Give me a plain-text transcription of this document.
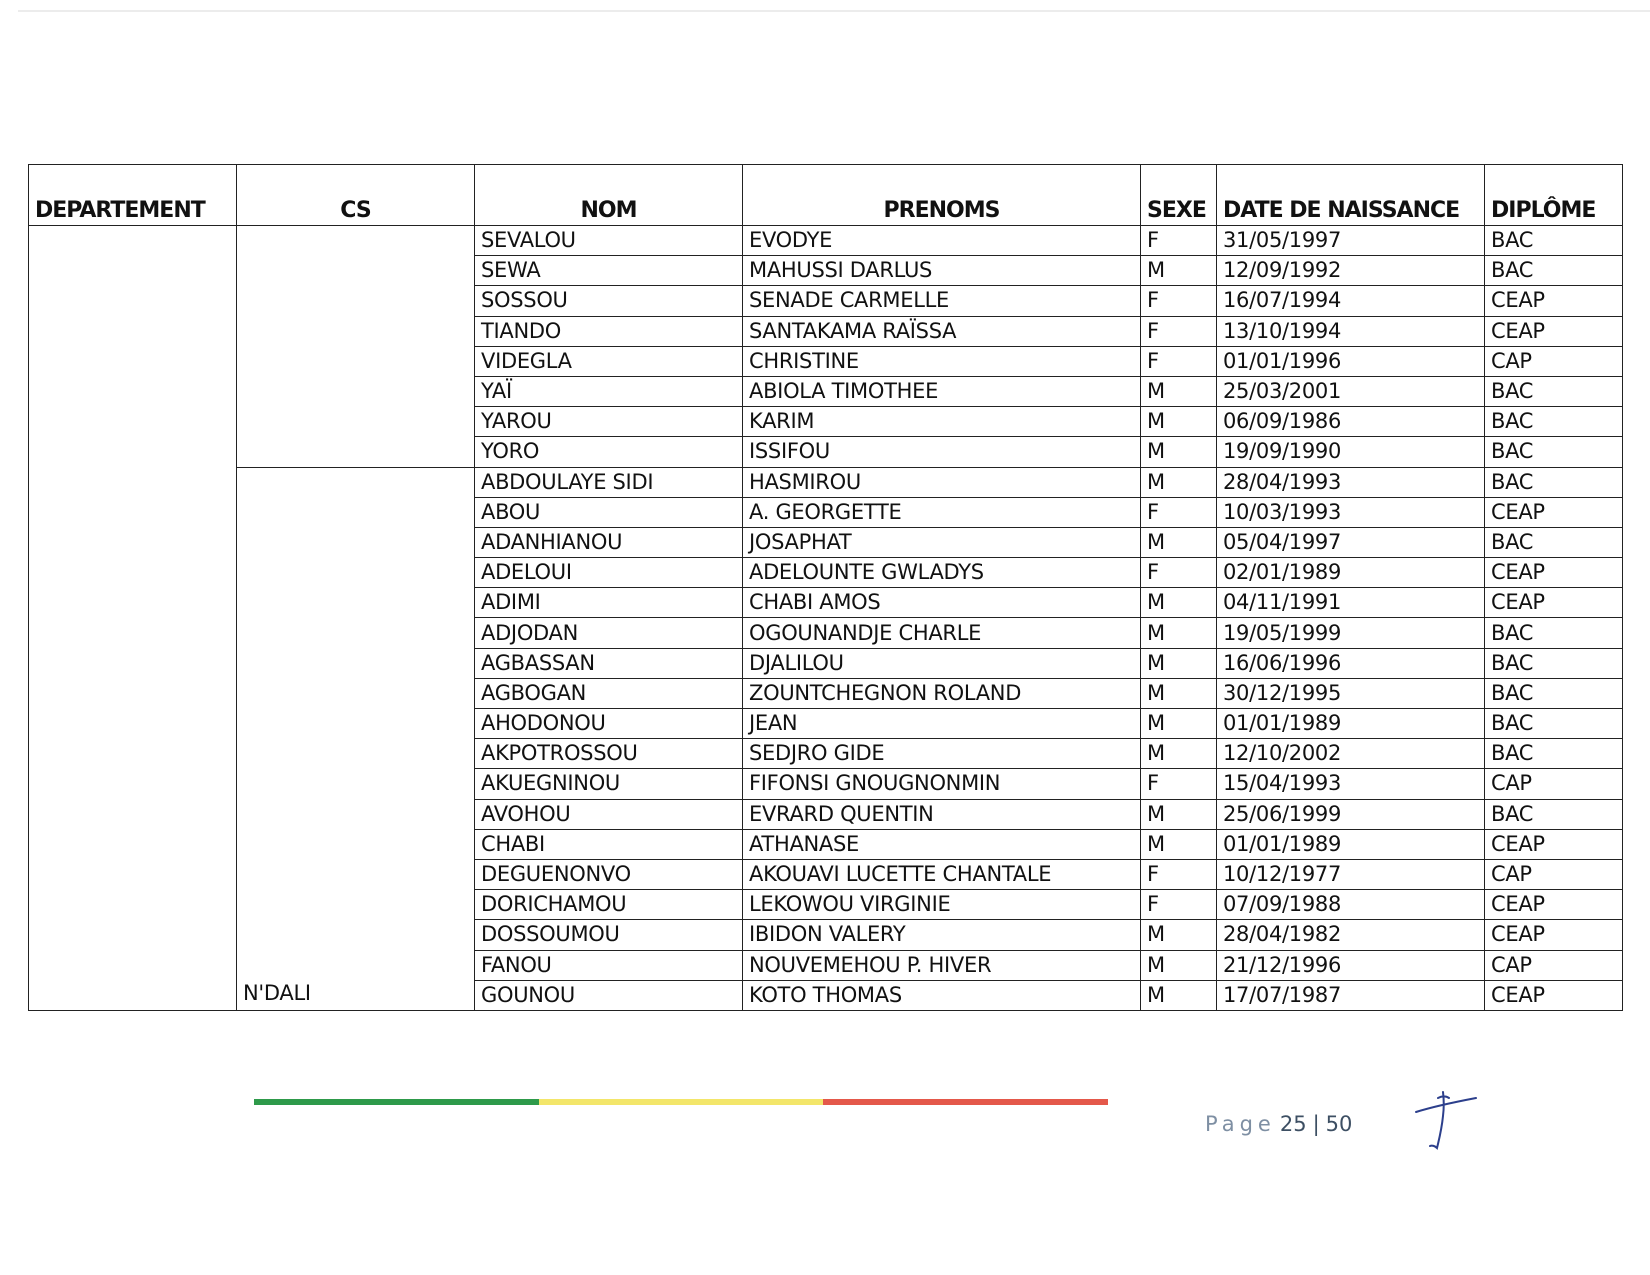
DEPARTEMENT	CS	NOM	PRENOMS	SEXE	DATE DE NAISSANCE	DIPLÔME
		SEVALOU	EVODYE	F	31/05/1997	BAC
		SEWA	MAHUSSI DARLUS	M	12/09/1992	BAC
		SOSSOU	SENADE CARMELLE	F	16/07/1994	CEAP
		TIANDO	SANTAKAMA RAÏSSA	F	13/10/1994	CEAP
		VIDEGLA	CHRISTINE	F	01/01/1996	CAP
		YAÏ	ABIOLA TIMOTHEE	M	25/03/2001	BAC
		YAROU	KARIM	M	06/09/1986	BAC
		YORO	ISSIFOU	M	19/09/1990	BAC
	N'DALI	ABDOULAYE SIDI	HASMIROU	M	28/04/1993	BAC
		ABOU	A. GEORGETTE	F	10/03/1993	CEAP
		ADANHIANOU	JOSAPHAT	M	05/04/1997	BAC
		ADELOUI	ADELOUNTE GWLADYS	F	02/01/1989	CEAP
		ADIMI	CHABI AMOS	M	04/11/1991	CEAP
		ADJODAN	OGOUNANDJE CHARLE	M	19/05/1999	BAC
		AGBASSAN	DJALILOU	M	16/06/1996	BAC
		AGBOGAN	ZOUNTCHEGNON ROLAND	M	30/12/1995	BAC
		AHODONOU	JEAN	M	01/01/1989	BAC
		AKPOTROSSOU	SEDJRO GIDE	M	12/10/2002	BAC
		AKUEGNINOU	FIFONSI GNOUGNONMIN	F	15/04/1993	CAP
		AVOHOU	EVRARD QUENTIN	M	25/06/1999	BAC
		CHABI	ATHANASE	M	01/01/1989	CEAP
		DEGUENONVO	AKOUAVI LUCETTE CHANTALE	F	10/12/1977	CAP
		DORICHAMOU	LEKOWOU VIRGINIE	F	07/09/1988	CEAP
		DOSSOUMOU	IBIDON VALERY	M	28/04/1982	CEAP
		FANOU	NOUVEMEHOU P. HIVER	M	21/12/1996	CAP
		GOUNOU	KOTO THOMAS	M	17/07/1987	CEAP
Page 25 | 50
